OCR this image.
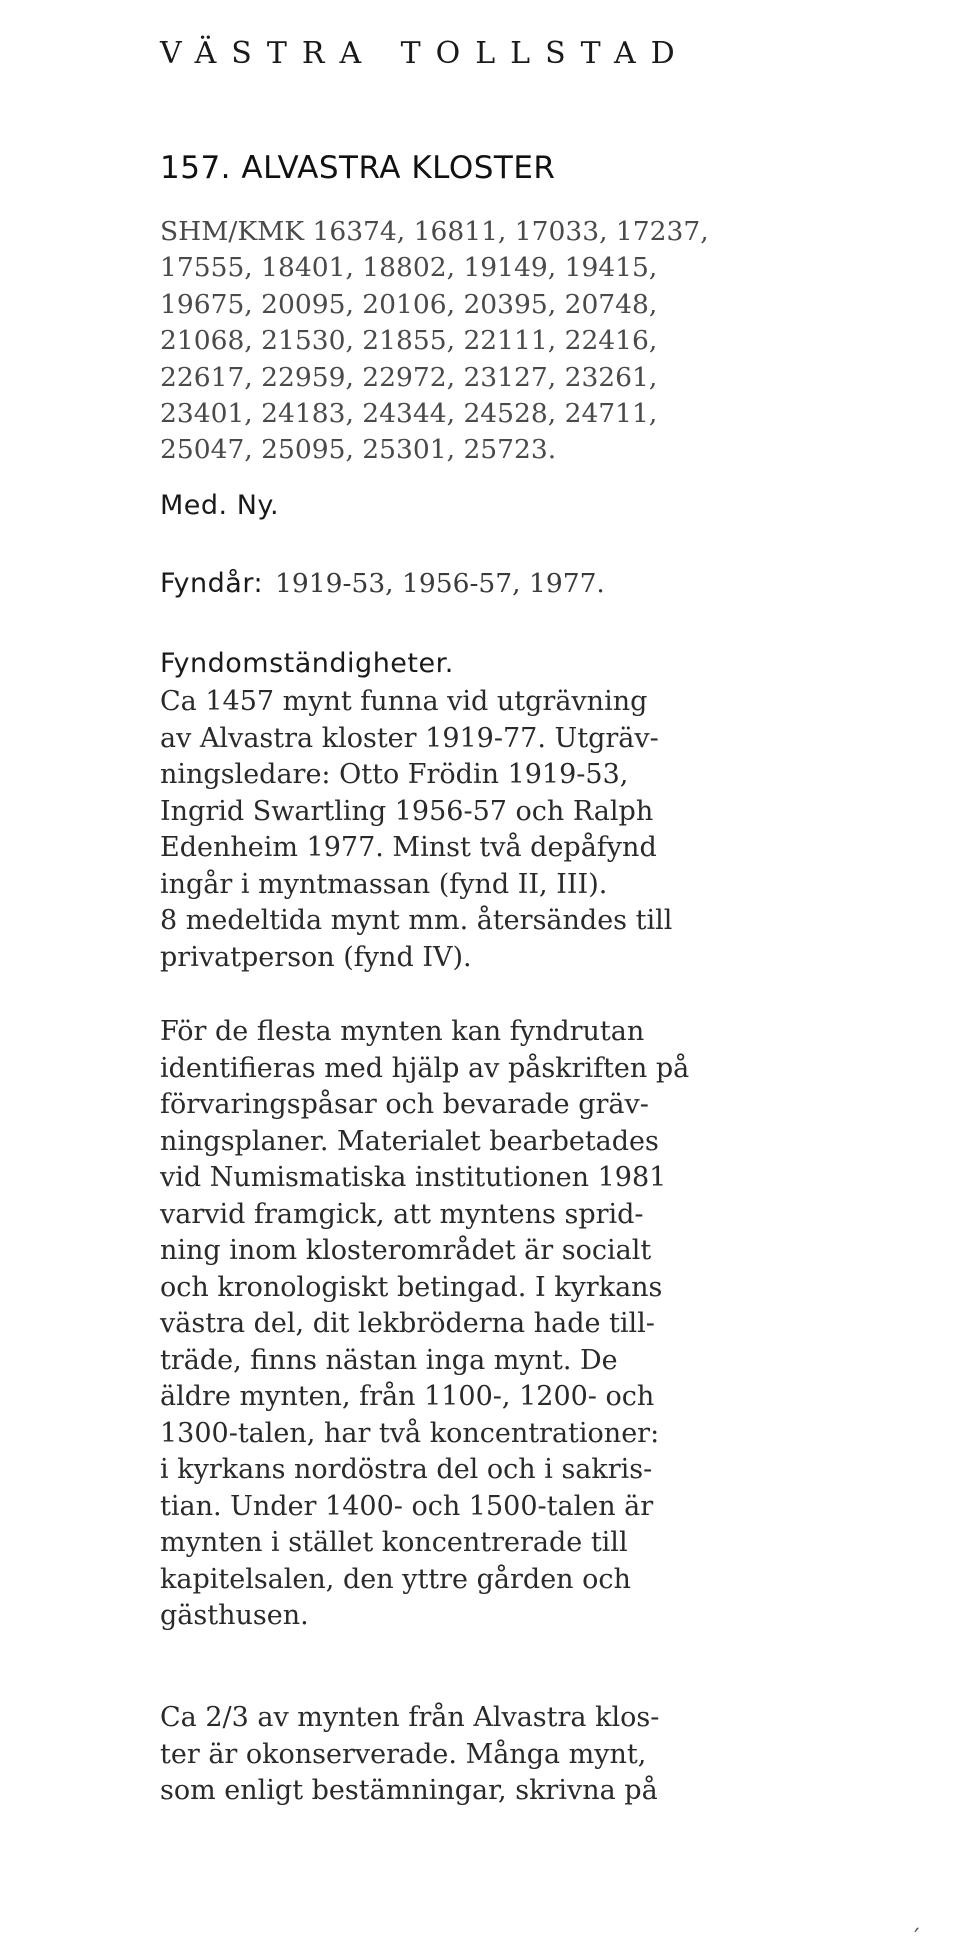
VÄSTRA TOLLSTAD
157. ALVASTRA KLOSTER
SHM/KMK 16374, 16811, 17033, 17237,
17555, 18401, 18802, 19149, 19415,
19675, 20095, 20106, 20395, 20748,
21068, 21530, 21855, 22111, 22416,
22617, 22959, 22972, 23127, 23261,
23401, 24183, 24344, 24528, 24711,
25047, 25095, 25301, 25723.
Med. Ny.
Fyndår: 1919-53, 1956-57, 1977.
Fyndomständigheter.
Ca 1457 mynt funna vid utgrävning
av Alvastra kloster 1919-77. Utgräv-
ningsledare: Otto Frödin 1919-53,
Ingrid Swartling 1956-57 och Ralph
Edenheim 1977. Minst två depåfynd
ingår i myntmassan (fynd II, III).
8 medeltida mynt mm. återsändes till
privatperson (fynd IV).
För de flesta mynten kan fyndrutan
identifieras med hjälp av påskriften på
förvaringspåsar och bevarade gräv-
ningsplaner. Materialet bearbetades
vid Numismatiska institutionen 1981
varvid framgick, att myntens sprid-
ning inom klosterområdet är socialt
och kronologiskt betingad. I kyrkans
västra del, dit lekbröderna hade till-
träde, finns nästan inga mynt. De
äldre mynten, från 1100-, 1200- och
1300-talen, har två koncentrationer:
i kyrkans nordöstra del och i sakris-
tian. Under 1400- och 1500-talen är
mynten i stället koncentrerade till
kapitelsalen, den yttre gården och
gästhusen.
Ca 2/3 av mynten från Alvastra klos-
ter är okonserverade. Många mynt,
som enligt bestämningar, skrivna på
´
